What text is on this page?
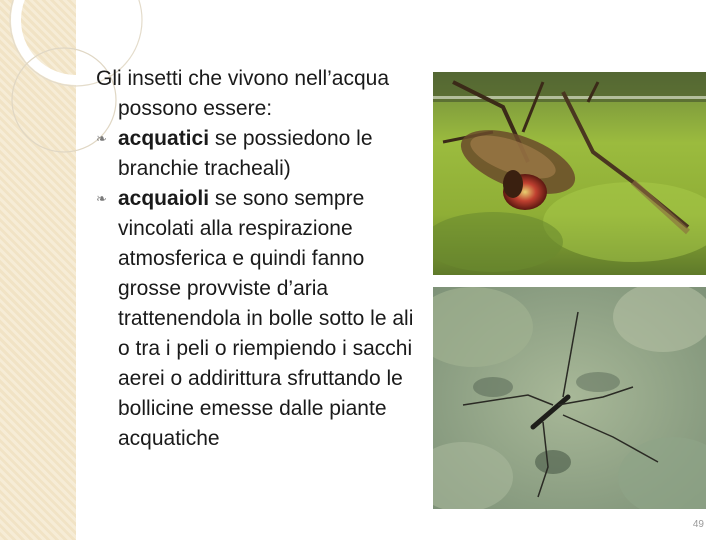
Gli insetti che vivono nell’acqua possono essere:

❧ acquatici se possiedono le branchie tracheali)

❧ acquaioli se sono sempre vincolati alla respirazione atmosferica e quindi fanno grosse provviste d’aria trattenendola in bolle sotto le ali o tra i peli o riempiendo i sacchi aerei o addirittura sfruttando le bollicine emesse dalle piante acquatiche

49
